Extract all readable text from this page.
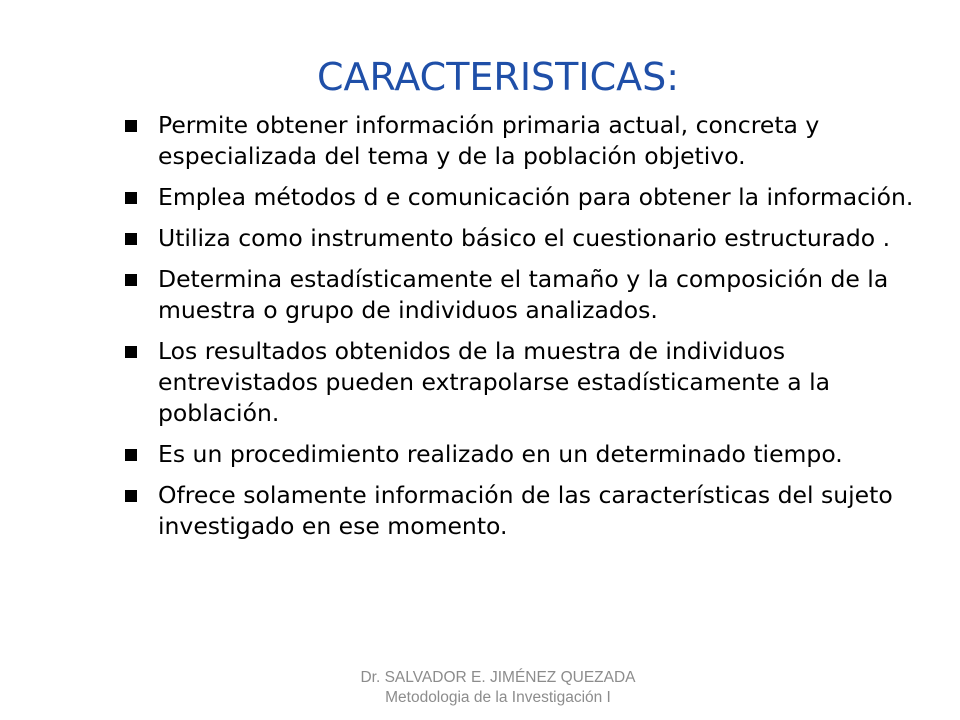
CARACTERISTICAS:
Permite obtener información primaria actual, concreta y especializada del tema y de la población objetivo.
Emplea métodos d e comunicación para obtener la información.
Utiliza como instrumento básico el cuestionario estructurado .
Determina estadísticamente el tamaño y la composición de la muestra o grupo de individuos analizados.
Los resultados obtenidos de la muestra de individuos entrevistados pueden extrapolarse estadísticamente a la población.
Es un procedimiento realizado en un determinado tiempo.
Ofrece solamente información de las características del sujeto investigado en ese momento.
Dr. SALVADOR E. JIMÉNEZ QUEZADA
Metodologia de la Investigación I
